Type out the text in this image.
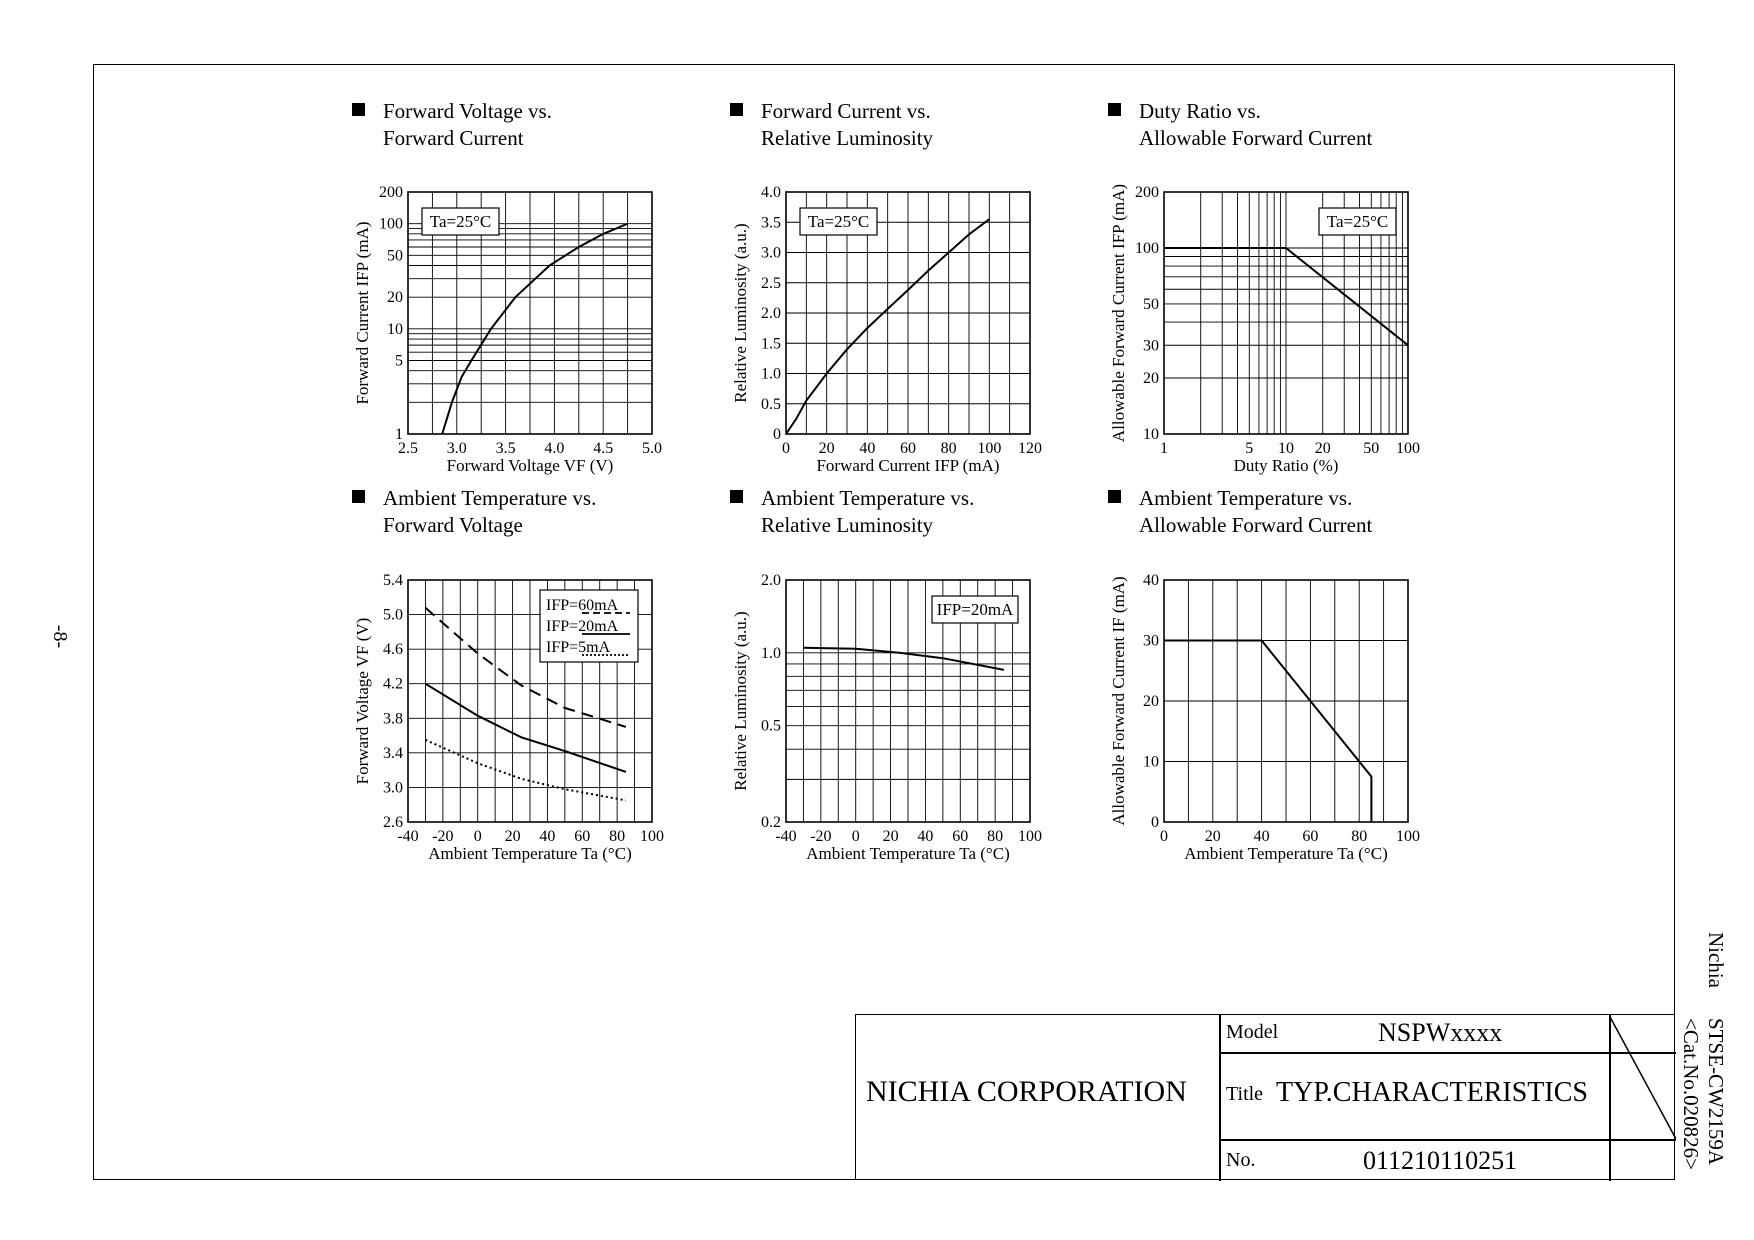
-8-
Nichia
STSE-CW2159A
<Cat.No.020826>
Forward Voltage vs.
Forward Current
2.5 3.0 3.5 4.0 4.5 5.0
1
5
10
20
50
100
200
Forward Voltage VF (V)
Forward Current IFP (mA)	Ta=25°C
Forward Current vs.
Relative Luminosity
0 20 40 60 80 100 120
0
0.5
1.0
1.5
2.0
2.5
3.0
3.5
4.0
Forward Current IFP (mA)
Relative Luminosity (a.u.)
Ta=25°C
Duty Ratio vs.
Allowable Forward Current
1	5 10 20 50 100
10
20
30
50
100
200
Duty Ratio (%)
Allowable Forward Current IFP (mA)	Ta=25°C
Ambient Temperature vs.
Forward Voltage
-40 -20 0 20 40 60 80 100
2.6
3.0
3.4
3.8
4.2
4.6
5.0
5.4
Ambient Temperature Ta (°C)
Forward Voltage VF (V)
IFP=60mA
IFP=20mA
IFP=5mA
Ambient Temperature vs.
Relative Luminosity
-40 -20 0 20 40 60 80 100
0.2
0.5
1.0
2.0
Ambient Temperature Ta (°C)
Relative Luminosity (a.u.)
IFP=20mA
Ambient Temperature vs.
Allowable Forward Current
0 20 40 60 80 100
0
10
20
30
40
Ambient Temperature Ta (°C)
Allowable Forward Current IF (mA)
NICHIA CORPORATION
Model	NSPWxxxx
Title TYP.CHARACTERISTICS
No.	011210110251
